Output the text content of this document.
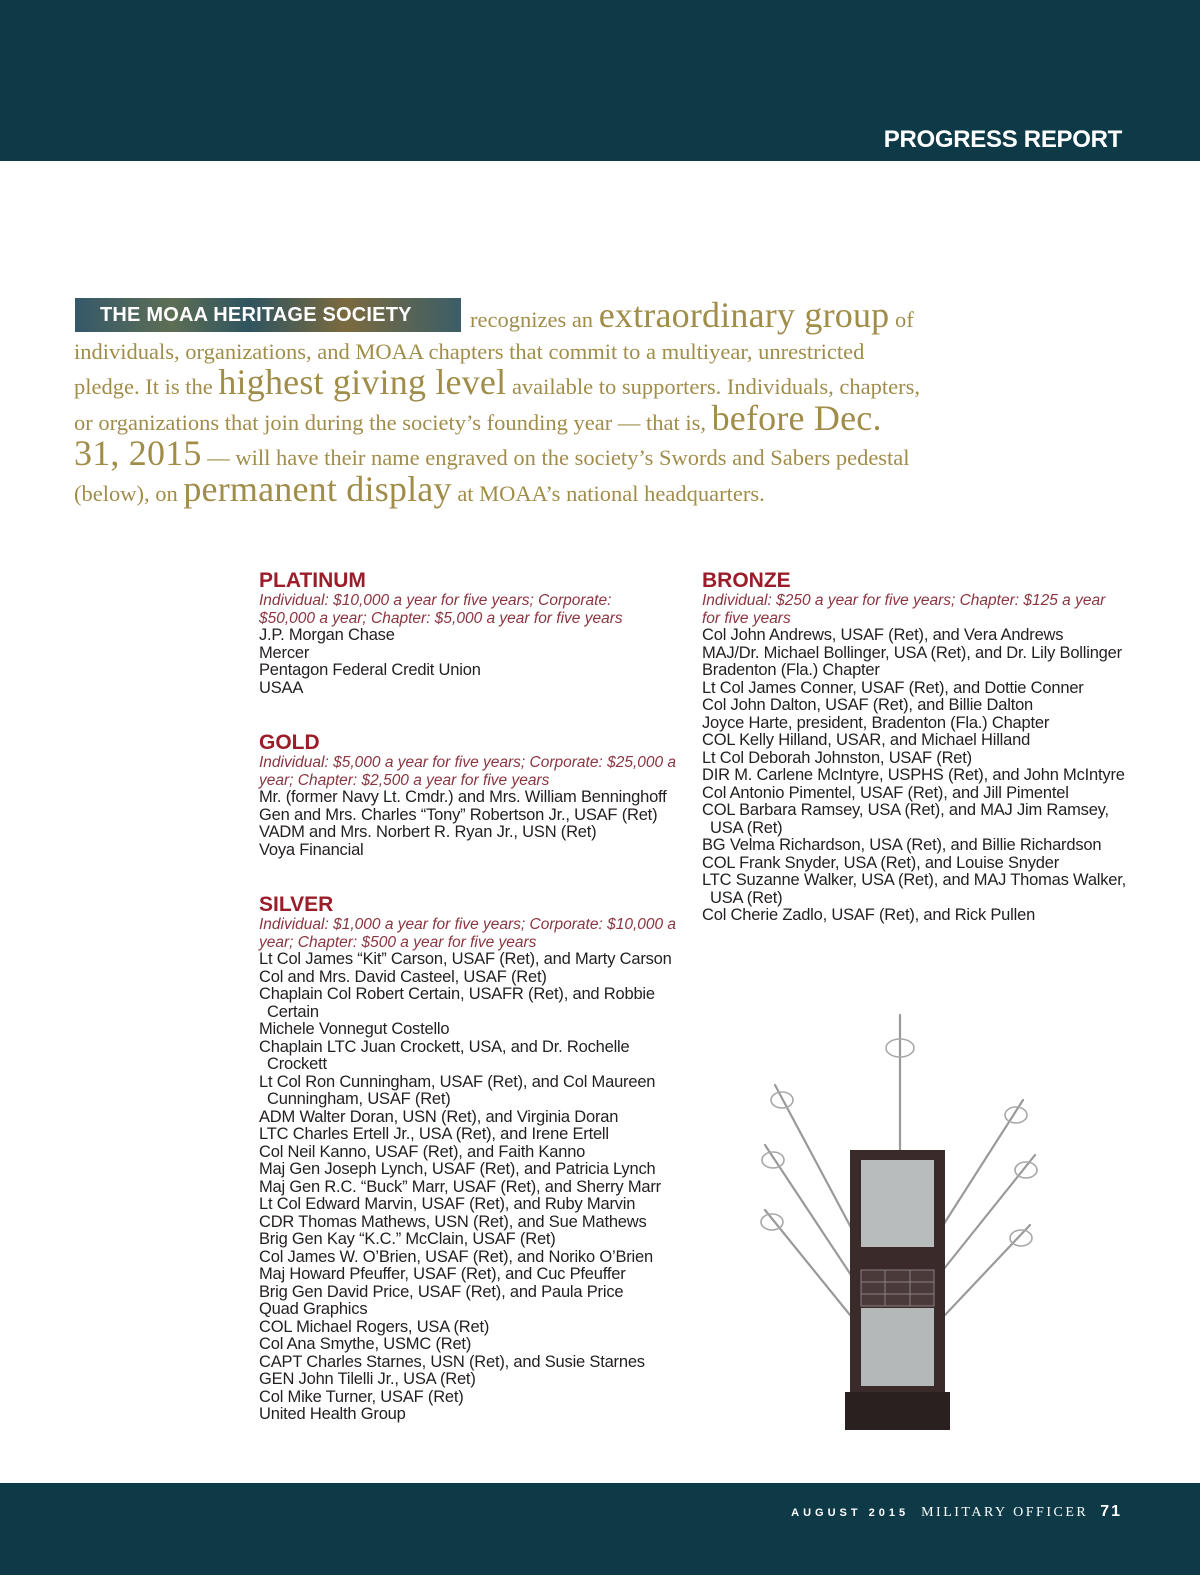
PROGRESS REPORT

recognizes an extraordinary group of individuals, organizations, and MOAA chapters that commit to a multiyear, unrestricted pledge. It is the highest giving level available to supporters. Individuals, chapters, or organizations that join during the society’s founding year — that is, before Dec. 31, 2015 — will have their name engraved on the society’s Swords and Sabers pedestal (below), on permanent display at MOAA’s national headquarters.

THE MOAA HERITAGE SOCIETY
PLATINUM

Individual: $10,000 a year for five years; Corporate: $50,000 a year; Chapter: $5,000 a year for five years

J.P. Morgan Chase
Mercer
Pentagon Federal Credit Union
USAA
GOLD

Individual: $5,000 a year for five years; Corporate: $25,000 a year; Chapter: $2,500 a year for five years

Mr. (former Navy Lt. Cmdr.) and Mrs. William Benninghoff
Gen and Mrs. Charles “Tony” Robertson Jr., USAF (Ret)
VADM and Mrs. Norbert R. Ryan Jr., USN (Ret)
Voya Financial
SILVER

Individual: $1,000 a year for five years; Corporate: $10,000 a year; Chapter: $500 a year for five years

Lt Col James “Kit” Carson, USAF (Ret), and Marty Carson
Col and Mrs. David Casteel, USAF (Ret)
Chaplain Col Robert Certain, USAFR (Ret), and Robbie Certain
Michele Vonnegut Costello
Chaplain LTC Juan Crockett, USA, and Dr. Rochelle Crockett
Lt Col Ron Cunningham, USAF (Ret), and Col Maureen Cunningham, USAF (Ret)
ADM Walter Doran, USN (Ret), and Virginia Doran
LTC Charles Ertell Jr., USA (Ret), and Irene Ertell
Col Neil Kanno, USAF (Ret), and Faith Kanno
Maj Gen Joseph Lynch, USAF (Ret), and Patricia Lynch
Maj Gen R.C. “Buck” Marr, USAF (Ret), and Sherry Marr
Lt Col Edward Marvin, USAF (Ret), and Ruby Marvin
CDR Thomas Mathews, USN (Ret), and Sue Mathews
Brig Gen Kay “K.C.” McClain, USAF (Ret)
Col James W. O’Brien, USAF (Ret), and Noriko O’Brien
Maj Howard Pfeuffer, USAF (Ret), and Cuc Pfeuffer
Brig Gen David Price, USAF (Ret), and Paula Price
Quad Graphics
COL Michael Rogers, USA (Ret)
Col Ana Smythe, USMC (Ret)
CAPT Charles Starnes, USN (Ret), and Susie Starnes
GEN John Tilelli Jr., USA (Ret)
Col Mike Turner, USAF (Ret)
United Health Group
BRONZE

Individual: $250 a year for five years; Chapter: $125 a year for five years

Col John Andrews, USAF (Ret), and Vera Andrews
MAJ/Dr. Michael Bollinger, USA (Ret), and Dr. Lily Bollinger
Bradenton (Fla.) Chapter
Lt Col James Conner, USAF (Ret), and Dottie Conner
Col John Dalton, USAF (Ret), and Billie Dalton
Joyce Harte, president, Bradenton (Fla.) Chapter
COL Kelly Hilland, USAR, and Michael Hilland
Lt Col Deborah Johnston, USAF (Ret)
DIR M. Carlene McIntyre, USPHS (Ret), and John McIntyre
Col Antonio Pimentel, USAF (Ret), and Jill Pimentel
COL Barbara Ramsey, USA (Ret), and MAJ Jim Ramsey, USA (Ret)
BG Velma Richardson, USA (Ret), and Billie Richardson
COL Frank Snyder, USA (Ret), and Louise Snyder
LTC Suzanne Walker, USA (Ret), and MAJ Thomas Walker, USA (Ret)
Col Cherie Zadlo, USAF (Ret), and Rick Pullen
AUGUST 2015 MILITARY OFFICER 71
